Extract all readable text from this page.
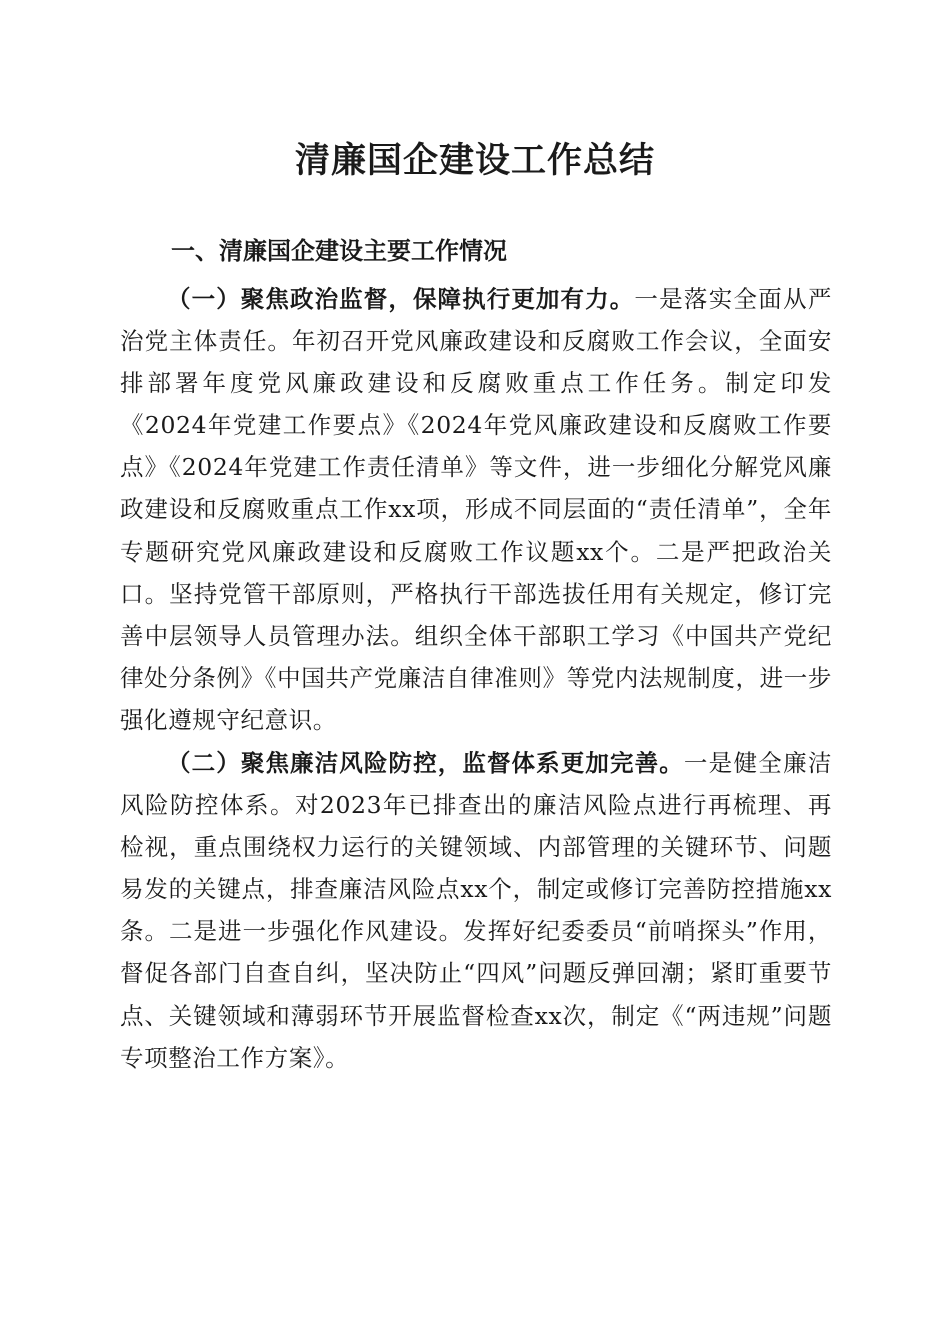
清廉国企建设工作总结
一、清廉国企建设主要工作情况

（一）聚焦政治监督，保障执行更加有力。一是落实全面从严治党主体责任。年初召开党风廉政建设和反腐败工作会议，全面安排部署年度党风廉政建设和反腐败重点工作任务。制定印发《2024年党建工作要点》《2024年党风廉政建设和反腐败工作要点》《2024年党建工作责任清单》等文件，进一步细化分解党风廉政建设和反腐败重点工作xx项，形成不同层面的“责任清单”，全年专题研究党风廉政建设和反腐败工作议题xx个。二是严把政治关口。坚持党管干部原则，严格执行干部选拔任用有关规定，修订完善中层领导人员管理办法。组织全体干部职工学习《中国共产党纪律处分条例》《中国共产党廉洁自律准则》等党内法规制度，进一步强化遵规守纪意识。

（二）聚焦廉洁风险防控，监督体系更加完善。一是健全廉洁风险防控体系。对2023年已排查出的廉洁风险点进行再梳理、再检视，重点围绕权力运行的关键领域、内部管理的关键环节、问题易发的关键点，排查廉洁风险点xx个，制定或修订完善防控措施xx条。二是进一步强化作风建设。发挥好纪委委员“前哨探头”作用，督促各部门自查自纠，坚决防止“四风”问题反弹回潮；紧盯重要节点、关键领域和薄弱环节开展监督检查xx次，制定《“两违规”问题专项整治工作方案》。
